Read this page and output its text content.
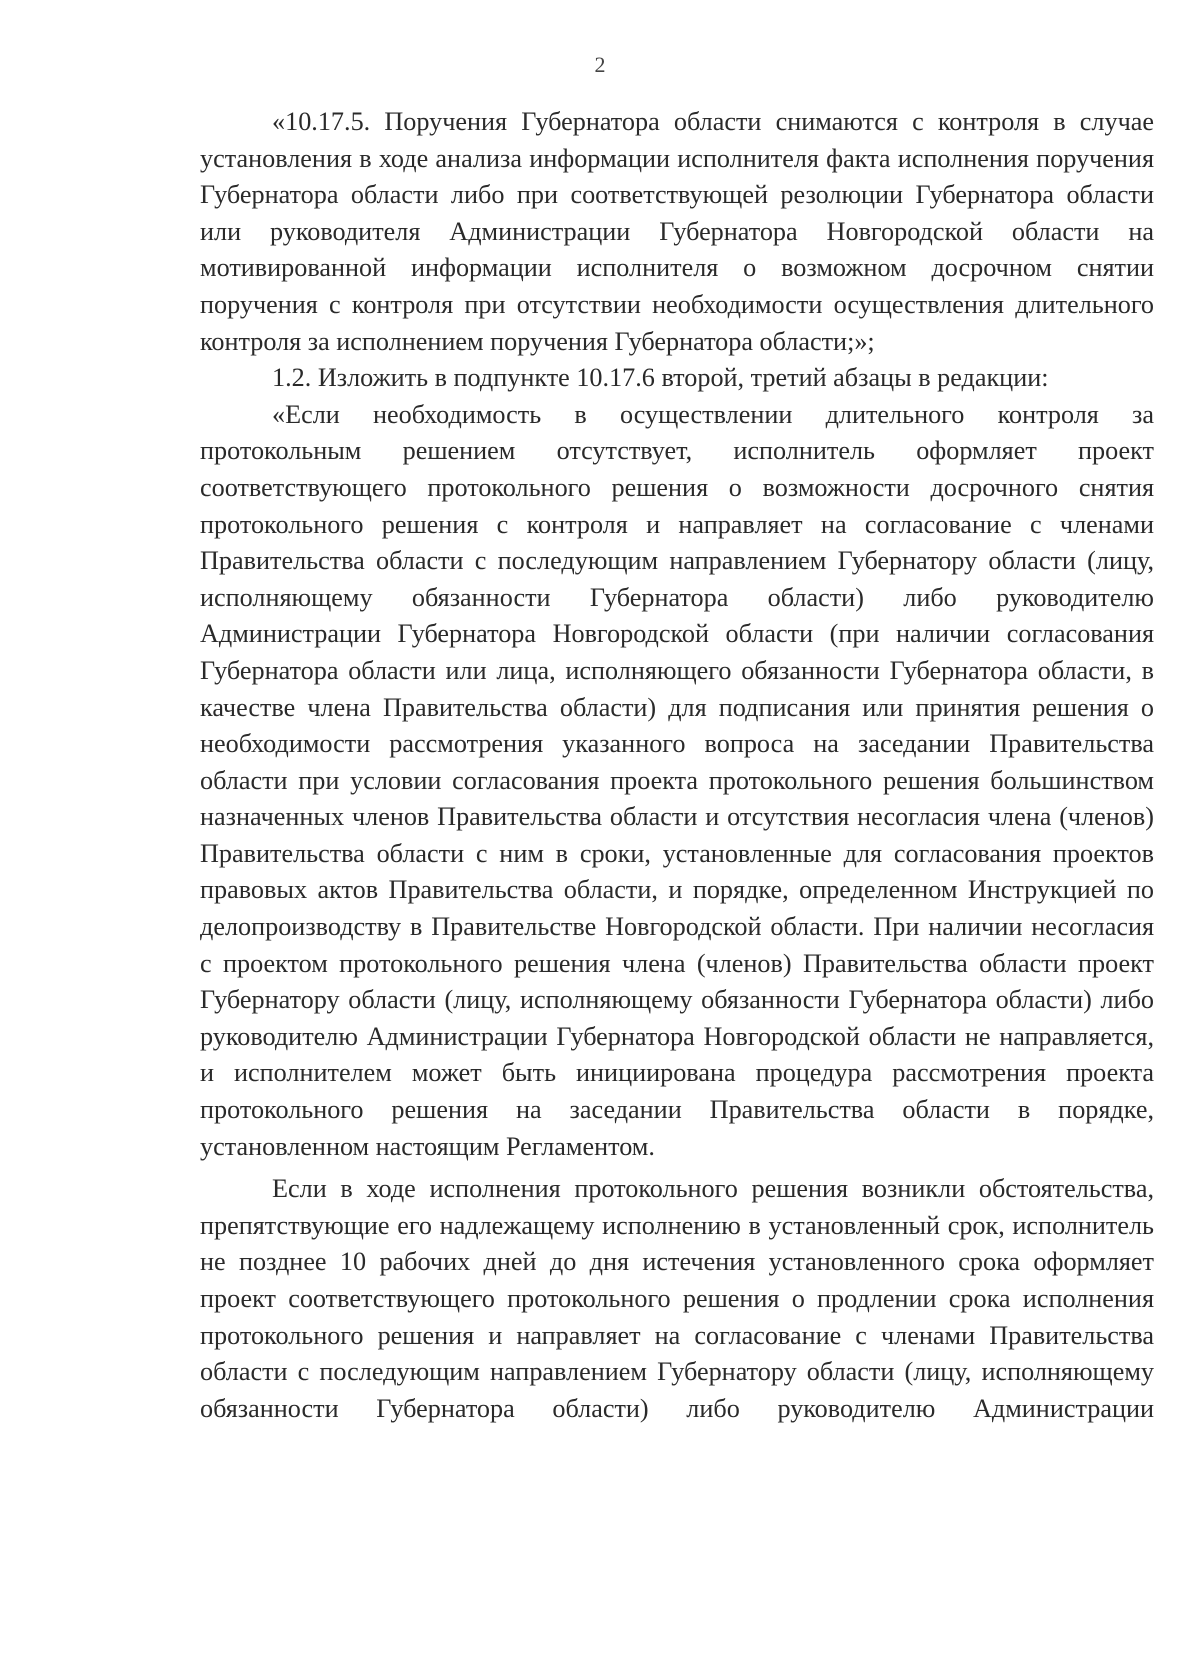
2

«10.17.5. Поручения Губернатора области снимаются с контроля в случае установления в ходе анализа информации исполнителя факта исполнения поручения Губернатора области либо при соответствующей резолюции Губернатора области или руководителя Администрации Губернатора Новгородской области на мотивированной информации исполнителя о возможном досрочном снятии поручения с контроля при отсутствии необходимости осуществления длительного контроля за исполнением поручения Губернатора области;»;

1.2. Изложить в подпункте 10.17.6 второй, третий абзацы в редакции:

«Если необходимость в осуществлении длительного контроля за протокольным решением отсутствует, исполнитель оформляет проект соответствующего протокольного решения о возможности досрочного снятия протокольного решения с контроля и направляет на согласование с членами Правительства области с последующим направлением Губернатору области (лицу, исполняющему обязанности Губернатора области) либо руководителю Администрации Губернатора Новгородской области (при наличии согласования Губернатора области или лица, исполняющего обязанности Губернатора области, в качестве члена Правительства области) для подписания или принятия решения о необходимости рассмотрения указанного вопроса на заседании Правительства области при условии согласования проекта протокольного решения большинством назначенных членов Правительства области и отсутствия несогласия члена (членов) Правительства области с ним в сроки, установленные для согласования проектов правовых актов Правительства области, и порядке, определенном Инструкцией по делопроизводству в Правительстве Новгородской области. При наличии несогласия с проектом протокольного решения члена (членов) Правительства области проект Губернатору области (лицу, исполняющему обязанности Губернатора области) либо руководителю Администрации Губернатора Новгородской области не направляется, и исполнителем может быть инициирована процедура рассмотрения проекта протокольного решения на заседании Правительства области в порядке, установленном настоящим Регламентом.

Если в ходе исполнения протокольного решения возникли обстоятельства, препятствующие его надлежащему исполнению в установленный срок, исполнитель не позднее 10 рабочих дней до дня истечения установленного срока оформляет проект соответствующего протокольного решения о продлении срока исполнения протокольного решения и направляет на согласование с членами Правительства области с последующим направлением Губернатору области (лицу, исполняющему обязанности Губернатора области) либо руководителю Администрации
